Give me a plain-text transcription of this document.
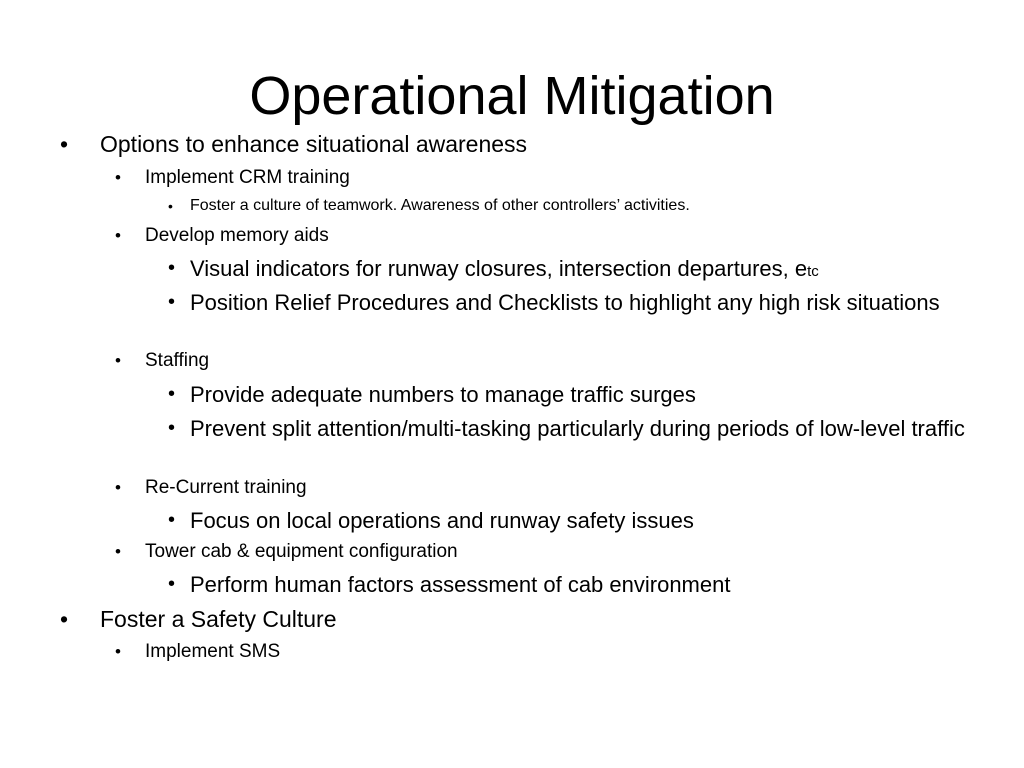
Operational Mitigation
• Options to enhance situational awareness
• Implement CRM training
• Foster a culture of teamwork. Awareness of other controllers’ activities.
• Develop memory aids
• Visual indicators for runway closures, intersection departures, etc
• Position Relief Procedures and Checklists to highlight any high risk situations
• Staffing
• Provide adequate numbers to manage traffic surges
• Prevent split attention/multi-tasking particularly during periods of low-level traffic
• Re-Current training
• Focus on local operations and runway safety issues
• Tower cab & equipment configuration
• Perform human factors assessment of cab environment
• Foster a Safety Culture
• Implement SMS
